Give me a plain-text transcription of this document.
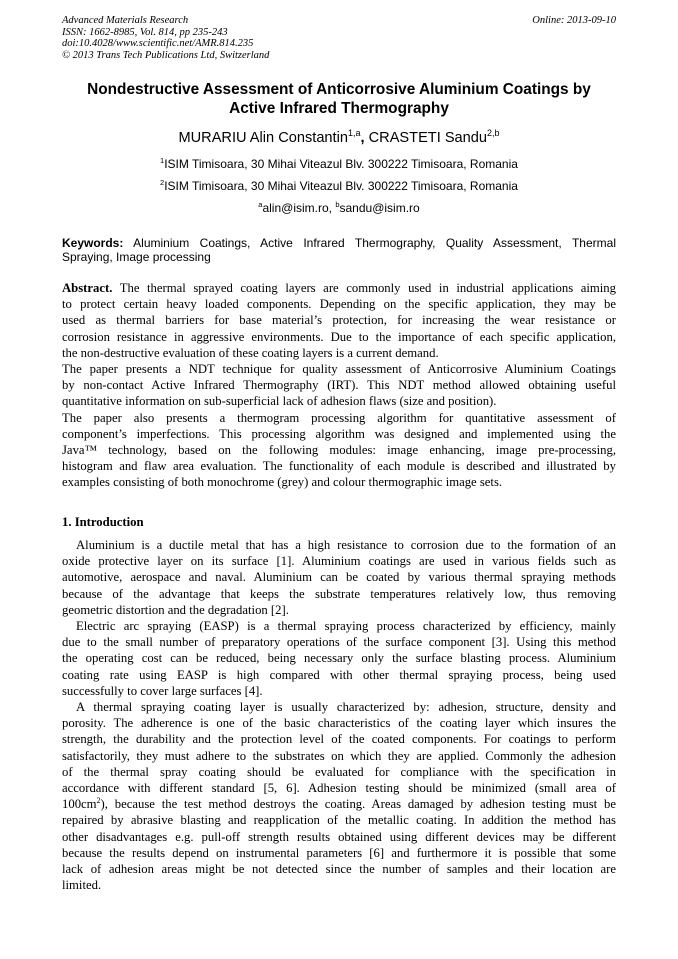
Advanced Materials Research
ISSN: 1662-8985, Vol. 814, pp 235-243
doi:10.4028/www.scientific.net/AMR.814.235
© 2013 Trans Tech Publications Ltd, Switzerland
Online: 2013-09-10
Nondestructive Assessment of Anticorrosive Aluminium Coatings by
Active Infrared Thermography
MURARIU Alin Constantin$^{1,a}$, CRASTETI Sandu$^{2,b}$
$^1$ISIM Timisoara, 30 Mihai Viteazul Blv. 300222 Timisoara, Romania
$^2$ISIM Timisoara, 30 Mihai Viteazul Blv. 300222 Timisoara, Romania
$^a$alin@isim.ro, $^b$sandu@isim.ro
Keywords: Aluminium Coatings, Active Infrared Thermography, Quality Assessment, Thermal
Spraying, Image processing
Abstract. The thermal sprayed coating layers are commonly used in industrial applications aiming
to protect certain heavy loaded components. Depending on the specific application, they may be
used as thermal barriers for base material’s protection, for increasing the wear resistance or
corrosion resistance in aggressive environments. Due to the importance of each specific application,
the non-destructive evaluation of these coating layers is a current demand.
The paper presents a NDT technique for quality assessment of Anticorrosive Aluminium Coatings
by non-contact Active Infrared Thermography (IRT). This NDT method allowed obtaining useful
quantitative information on sub-superficial lack of adhesion flaws (size and position).
The paper also presents a thermogram processing algorithm for quantitative assessment of
component’s imperfections. This processing algorithm was designed and implemented using the
Java™ technology, based on the following modules: image enhancing, image pre-processing,
histogram and flaw area evaluation. The functionality of each module is described and illustrated by
examples consisting of both monochrome (grey) and colour thermographic image sets.
1. Introduction
Aluminium is a ductile metal that has a high resistance to corrosion due to the formation of an
oxide protective layer on its surface [1]. Aluminium coatings are used in various fields such as
automotive, aerospace and naval. Aluminium can be coated by various thermal spraying methods
because of the advantage that keeps the substrate temperatures relatively low, thus removing
geometric distortion and the degradation [2].
Electric arc spraying (EASP) is a thermal spraying process characterized by efficiency, mainly
due to the small number of preparatory operations of the surface component [3]. Using this method
the operating cost can be reduced, being necessary only the surface blasting process. Aluminium
coating rate using EASP is high compared with other thermal spraying process, being used
successfully to cover large surfaces [4].
A thermal spraying coating layer is usually characterized by: adhesion, structure, density and
porosity. The adherence is one of the basic characteristics of the coating layer which insures the
strength, the durability and the protection level of the coated components. For coatings to perform
satisfactorily, they must adhere to the substrates on which they are applied. Commonly the adhesion
of the thermal spray coating should be evaluated for compliance with the specification in
accordance with different standard [5, 6]. Adhesion testing should be minimized (small area of
$100cm^2$), because the test method destroys the coating. Areas damaged by adhesion testing must be
repaired by abrasive blasting and reapplication of the metallic coating. In addition the method has
other disadvantages e.g. pull-off strength results obtained using different devices may be different
because the results depend on instrumental parameters [6] and furthermore it is possible that some
lack of adhesion areas might be not detected since the number of samples and their location are
limited.
